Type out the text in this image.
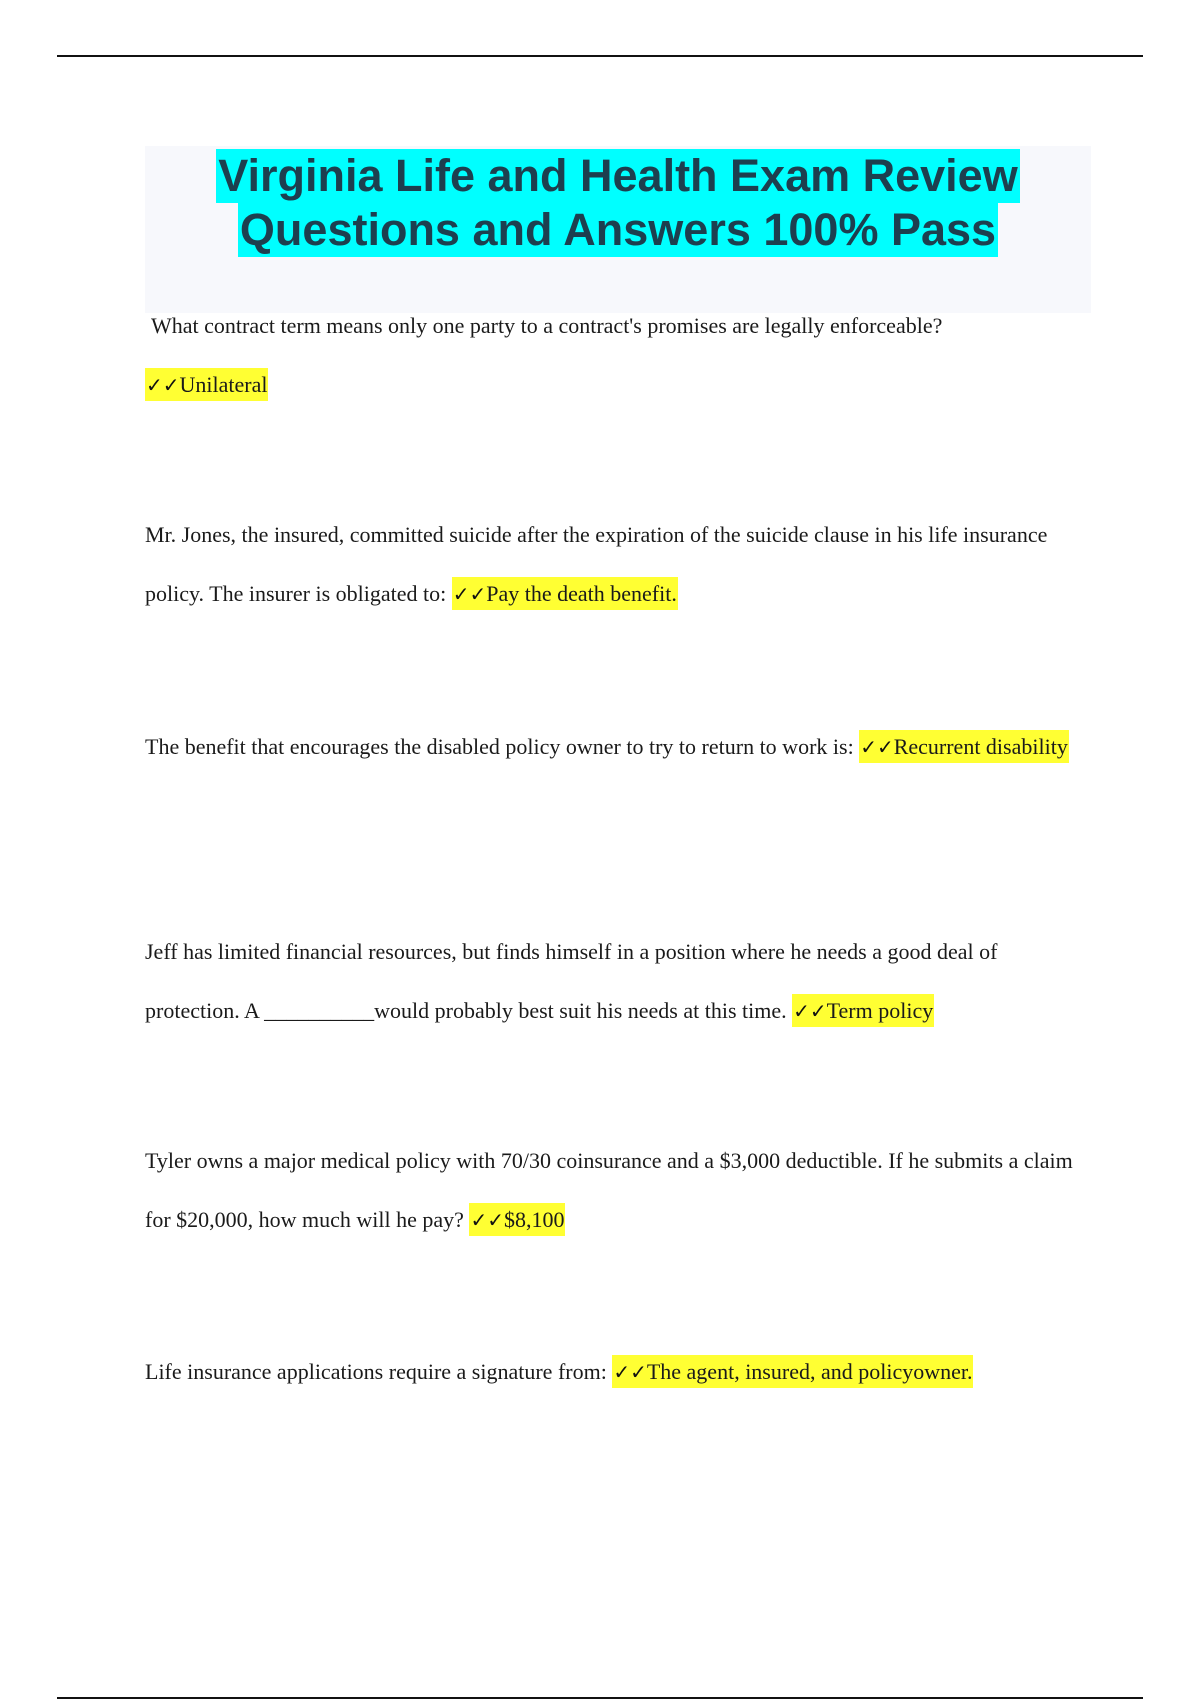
Virginia Life and Health Exam Review
Questions and Answers 100% Pass
What contract term means only one party to a contract's promises are legally enforceable?
✓✓Unilateral
Mr. Jones, the insured, committed suicide after the expiration of the suicide clause in his life insurance policy. The insurer is obligated to: ✓✓Pay the death benefit.
The benefit that encourages the disabled policy owner to try to return to work is: ✓✓Recurrent disability
Jeff has limited financial resources, but finds himself in a position where he needs a good deal of protection. A __________would probably best suit his needs at this time. ✓✓Term policy
Tyler owns a major medical policy with 70/30 coinsurance and a $3,000 deductible. If he submits a claim for $20,000, how much will he pay? ✓✓$8,100
Life insurance applications require a signature from: ✓✓The agent, insured, and policyowner.
